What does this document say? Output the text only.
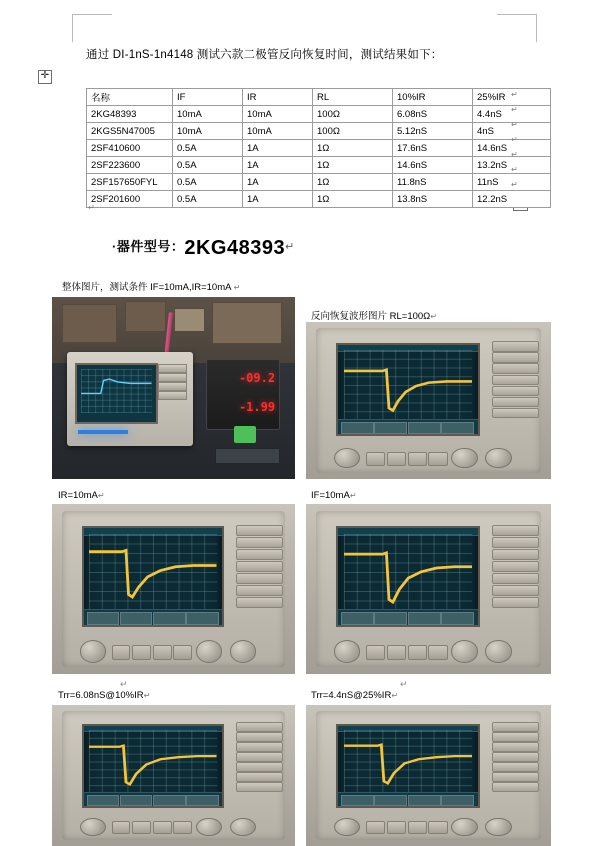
通过 DI-1nS-1n4148 测试六款二极管反向恢复时间，测试结果如下：
✛
名称	IF	IR	RL	10%IR	25%IR
2KG48393	10mA	10mA	100Ω	6.08nS	4.4nS
2KGS5N47005	10mA	10mA	100Ω	5.12nS	4nS
2SF410600	0.5A	1A	1Ω	17.6nS	14.6nS
2SF223600	0.5A	1A	1Ω	14.6nS	13.2nS
2SF157650FYL	0.5A	1A	1Ω	11.8nS	11nS
2SF201600	0.5A	1A	1Ω	13.8nS	12.2nS
↵
↵
↵
↵
↵
↵
↵
↵
·器件型号：2KG48393↵
整体图片，测试条件 IF=10mA,IR=10mA ↵
-09.2
-1.99
反向恢复波形图片 RL=100Ω↵
IR=10mA↵	IF=10mA↵
↵	↵
Trr=6.08nS@10%IR↵	Trr=4.4nS@25%IR↵
